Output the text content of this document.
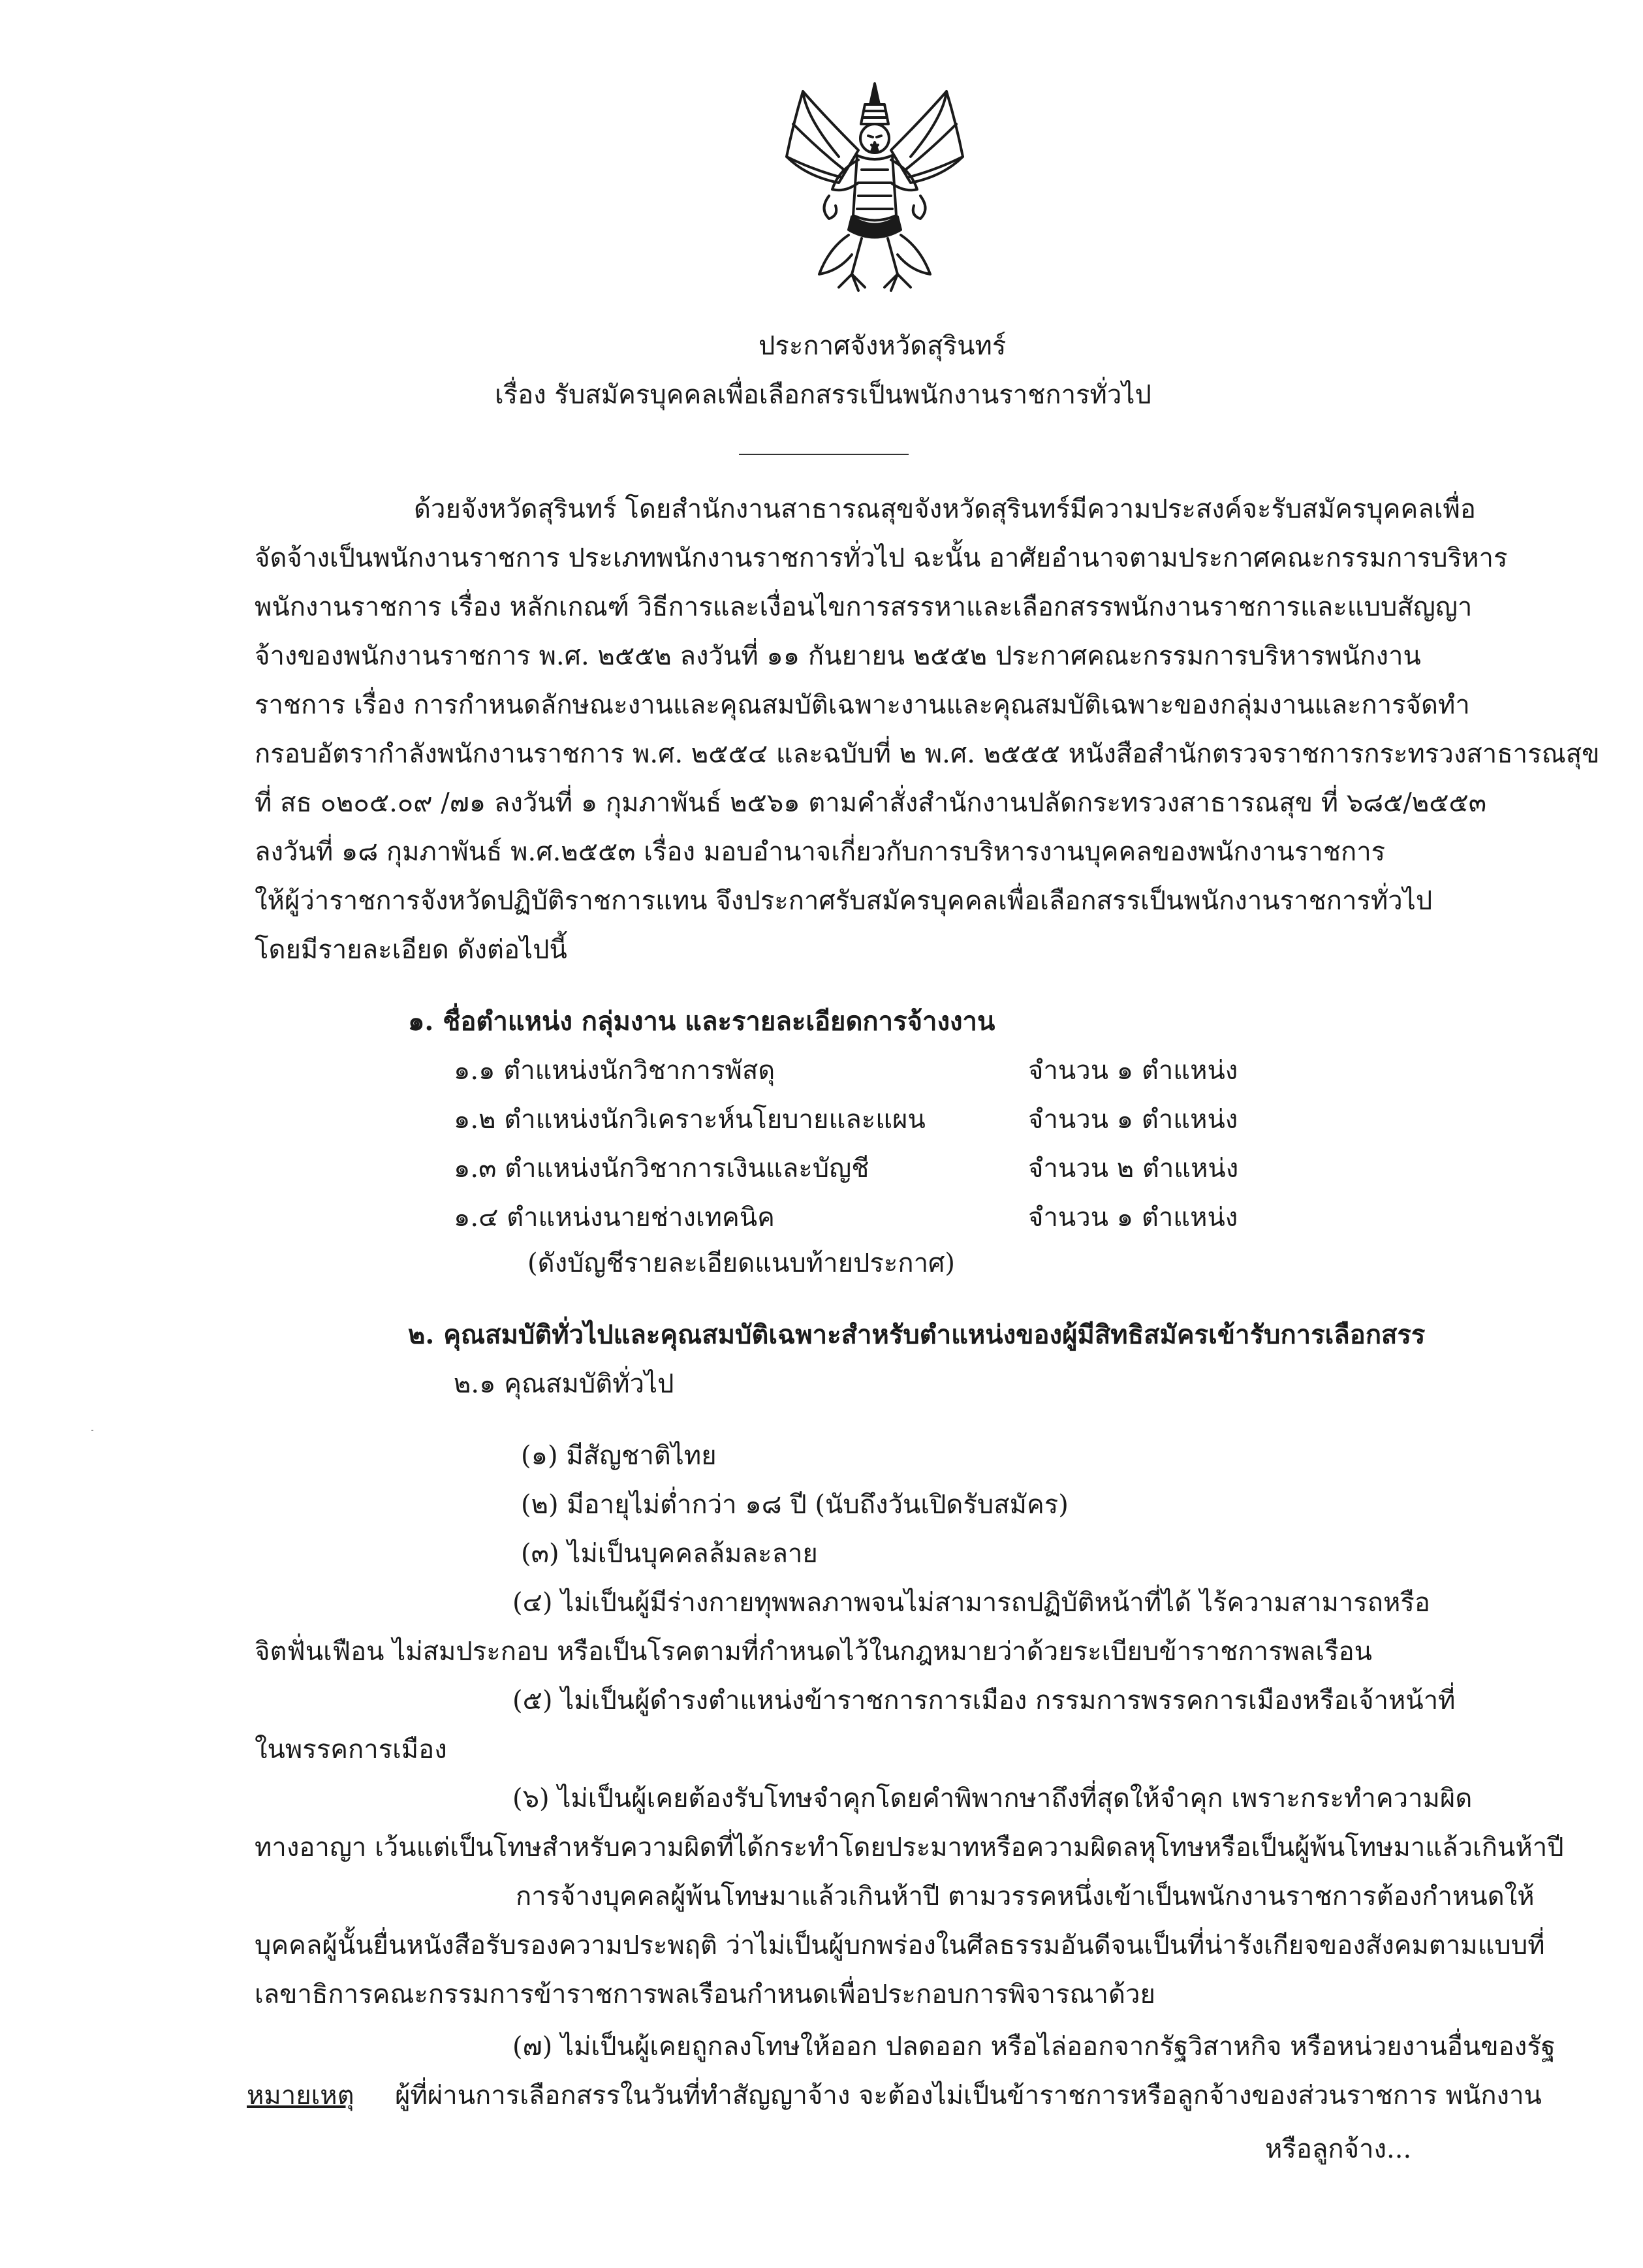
ประกาศจังหวัดสุรินทร์
เรื่อง รับสมัครบุคคลเพื่อเลือกสรรเป็นพนักงานราชการทั่วไป
ด้วยจังหวัดสุรินทร์ โดยสำนักงานสาธารณสุขจังหวัดสุรินทร์มีความประสงค์จะรับสมัครบุคคลเพื่อ
จัดจ้างเป็นพนักงานราชการ ประเภทพนักงานราชการทั่วไป ฉะนั้น อาศัยอำนาจตามประกาศคณะกรรมการบริหาร
พนักงานราชการ เรื่อง หลักเกณฑ์ วิธีการและเงื่อนไขการสรรหาและเลือกสรรพนักงานราชการและแบบสัญญา
จ้างของพนักงานราชการ พ.ศ. ๒๕๕๒ ลงวันที่ ๑๑ กันยายน ๒๕๕๒ ประกาศคณะกรรมการบริหารพนักงาน
ราชการ เรื่อง การกำหนดลักษณะงานและคุณสมบัติเฉพาะงานและคุณสมบัติเฉพาะของกลุ่มงานและการจัดทำ
กรอบอัตรากำลังพนักงานราชการ พ.ศ. ๒๕๕๔ และฉบับที่ ๒ พ.ศ. ๒๕๕๕ หนังสือสำนักตรวจราชการกระทรวงสาธารณสุข
ที่ สธ ๐๒๐๕.๐๙ /๗๑ ลงวันที่ ๑ กุมภาพันธ์ ๒๕๖๑ ตามคำสั่งสำนักงานปลัดกระทรวงสาธารณสุข ที่ ๖๘๕/๒๕๕๓
ลงวันที่ ๑๘ กุมภาพันธ์ พ.ศ.๒๕๕๓ เรื่อง มอบอำนาจเกี่ยวกับการบริหารงานบุคคลของพนักงานราชการ
ให้ผู้ว่าราชการจังหวัดปฏิบัติราชการแทน จึงประกาศรับสมัครบุคคลเพื่อเลือกสรรเป็นพนักงานราชการทั่วไป
โดยมีรายละเอียด ดังต่อไปนี้
๑. ชื่อตำแหน่ง กลุ่มงาน และรายละเอียดการจ้างงาน
๑.๑ ตำแหน่งนักวิชาการพัสดุ	จำนวน ๑ ตำแหน่ง
๑.๒ ตำแหน่งนักวิเคราะห์นโยบายและแผน	จำนวน ๑ ตำแหน่ง
๑.๓ ตำแหน่งนักวิชาการเงินและบัญชี	จำนวน ๒ ตำแหน่ง
๑.๔ ตำแหน่งนายช่างเทคนิค	จำนวน ๑ ตำแหน่ง
(ดังบัญชีรายละเอียดแนบท้ายประกาศ)
๒. คุณสมบัติทั่วไปและคุณสมบัติเฉพาะสำหรับตำแหน่งของผู้มีสิทธิสมัครเข้ารับการเลือกสรร
๒.๑ คุณสมบัติทั่วไป
(๑) มีสัญชาติไทย
(๒) มีอายุไม่ต่ำกว่า ๑๘ ปี (นับถึงวันเปิดรับสมัคร)
(๓) ไม่เป็นบุคคลล้มละลาย
(๔) ไม่เป็นผู้มีร่างกายทุพพลภาพจนไม่สามารถปฏิบัติหน้าที่ได้ ไร้ความสามารถหรือ
จิตฟั่นเฟือน ไม่สมประกอบ หรือเป็นโรคตามที่กำหนดไว้ในกฎหมายว่าด้วยระเบียบข้าราชการพลเรือน
(๕) ไม่เป็นผู้ดำรงตำแหน่งข้าราชการการเมือง กรรมการพรรคการเมืองหรือเจ้าหน้าที่
ในพรรคการเมือง
(๖) ไม่เป็นผู้เคยต้องรับโทษจำคุกโดยคำพิพากษาถึงที่สุดให้จำคุก เพราะกระทำความผิด
ทางอาญา เว้นแต่เป็นโทษสำหรับความผิดที่ได้กระทำโดยประมาทหรือความผิดลหุโทษหรือเป็นผู้พ้นโทษมาแล้วเกินห้าปี
การจ้างบุคคลผู้พ้นโทษมาแล้วเกินห้าปี ตามวรรคหนึ่งเข้าเป็นพนักงานราชการต้องกำหนดให้
บุคคลผู้นั้นยื่นหนังสือรับรองความประพฤติ ว่าไม่เป็นผู้บกพร่องในศีลธรรมอันดีจนเป็นที่น่ารังเกียจของสังคมตามแบบที่
เลขาธิการคณะกรรมการข้าราชการพลเรือนกำหนดเพื่อประกอบการพิจารณาด้วย
(๗) ไม่เป็นผู้เคยถูกลงโทษให้ออก ปลดออก หรือไล่ออกจากรัฐวิสาหกิจ หรือหน่วยงานอื่นของรัฐ
หมายเหตุ ผู้ที่ผ่านการเลือกสรรในวันที่ทำสัญญาจ้าง จะต้องไม่เป็นข้าราชการหรือลูกจ้างของส่วนราชการ พนักงาน
หรือลูกจ้าง...
